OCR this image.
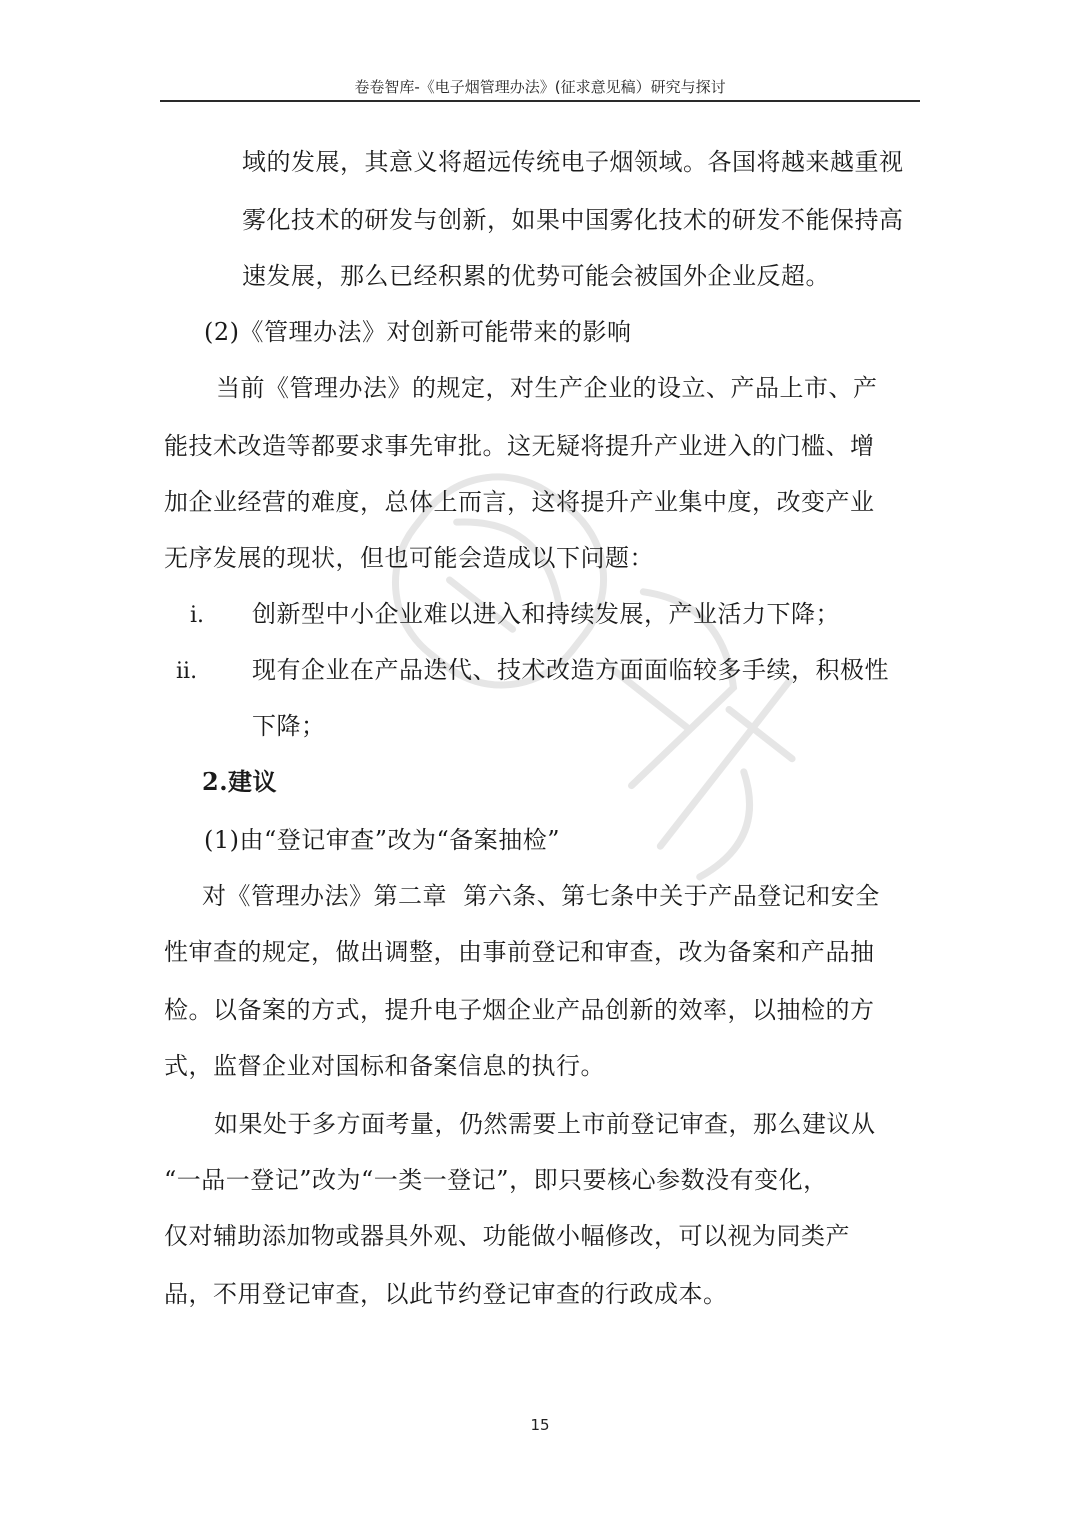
卷卷智库-《电子烟管理办法》(征求意见稿）研究与探讨
域的发展，其意义将超远传统电子烟领域。各国将越来越重视
雾化技术的研发与创新，如果中国雾化技术的研发不能保持高
速发展，那么已经积累的优势可能会被国外企业反超。
(2)《管理办法》对创新可能带来的影响
当前《管理办法》的规定，对生产企业的设立、产品上市、产
能技术改造等都要求事先审批。这无疑将提升产业进入的门槛、增
加企业经营的难度，总体上而言，这将提升产业集中度，改变产业
无序发展的现状，但也可能会造成以下问题：
i. 创新型中小企业难以进入和持续发展，产业活力下降；
ii. 现有企业在产品迭代、技术改造方面面临较多手续，积极性
下降；
2.建议
(1)由“登记审查”改为“备案抽检”
对《管理办法》第二章  第六条、第七条中关于产品登记和安全
性审查的规定，做出调整，由事前登记和审查，改为备案和产品抽
检。以备案的方式，提升电子烟企业产品创新的效率，以抽检的方
式，监督企业对国标和备案信息的执行。
如果处于多方面考量，仍然需要上市前登记审查，那么建议从
“一品一登记”改为“一类一登记”，即只要核心参数没有变化，
仅对辅助添加物或器具外观、功能做小幅修改，可以视为同类产
品，不用登记审查，以此节约登记审查的行政成本。
15
